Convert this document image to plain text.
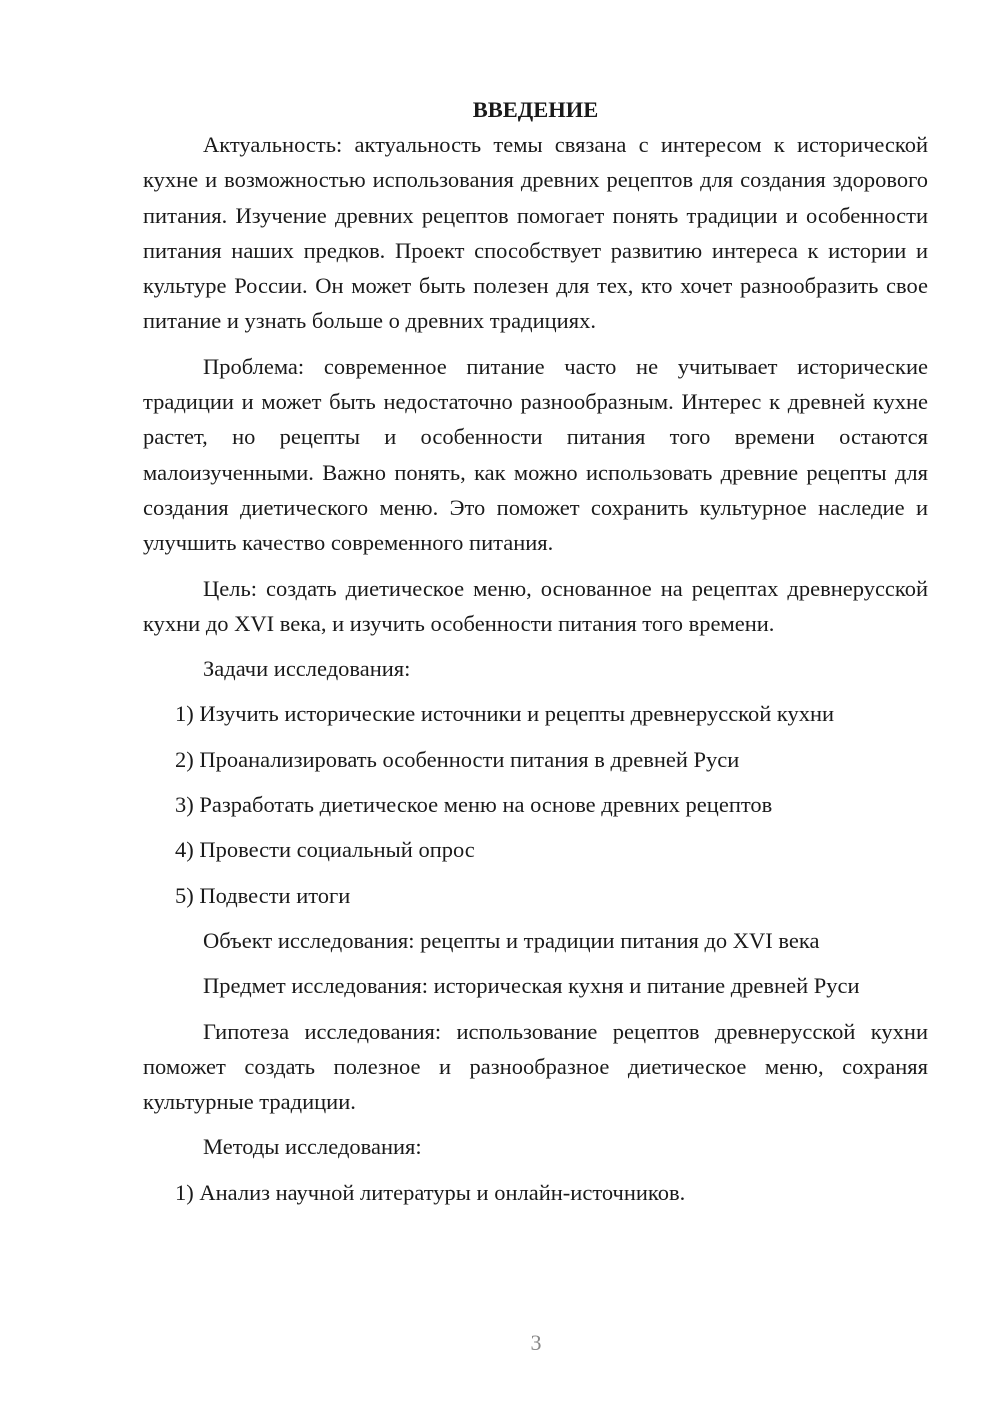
ВВЕДЕНИЕ

Актуальность: актуальность темы связана с интересом к исторической кухне и возможностью использования древних рецептов для создания здорового питания. Изучение древних рецептов помогает понять традиции и особенности питания наших предков. Проект способствует развитию интереса к истории и культуре России. Он может быть полезен для тех, кто хочет разнообразить свое питание и узнать больше о древних традициях.

Проблема: современное питание часто не учитывает исторические традиции и может быть недостаточно разнообразным. Интерес к древней кухне растет, но рецепты и особенности питания того времени остаются малоизученными. Важно понять, как можно использовать древние рецепты для создания диетического меню. Это поможет сохранить культурное наследие и улучшить качество современного питания.

Цель: создать диетическое меню, основанное на рецептах древнерусской кухни до XVI века, и изучить особенности питания того времени.

Задачи исследования:
1) Изучить исторические источники и рецепты древнерусской кухни
2) Проанализировать особенности питания в древней Руси
3) Разработать диетическое меню на основе древних рецептов
4) Провести социальный опрос
5) Подвести итоги
Объект исследования: рецепты и традиции питания до XVI века
Предмет исследования: историческая кухня и питание древней Руси

Гипотеза исследования: использование рецептов древнерусской кухни поможет создать полезное и разнообразное диетическое меню, сохраняя культурные традиции.

Методы исследования:
1) Анализ научной литературы и онлайн-источников.
3
